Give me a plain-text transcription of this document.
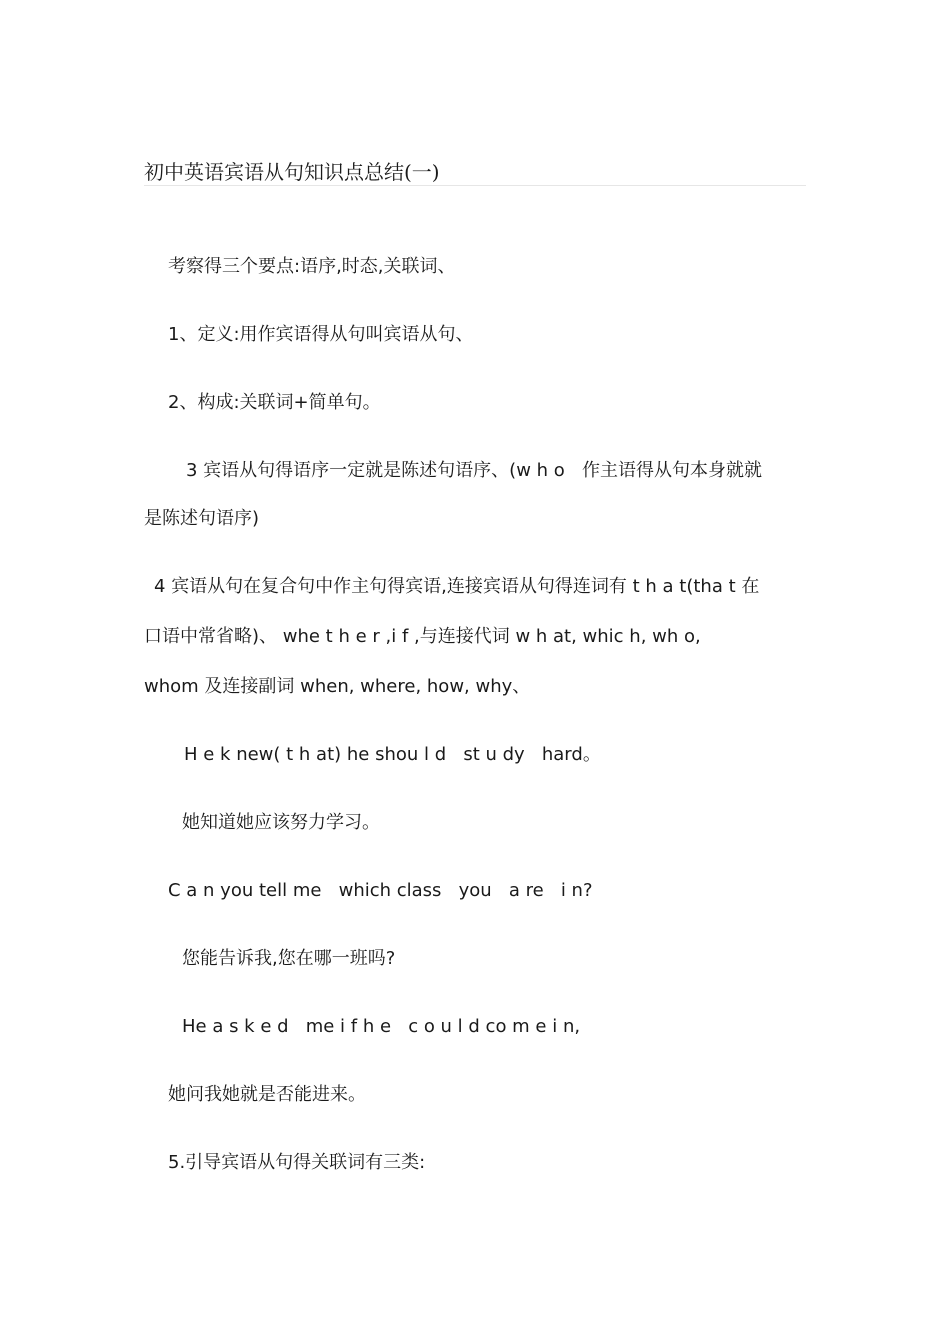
初中英语宾语从句知识点总结(一)
考察得三个要点:语序,时态,关联词、
1、定义:用作宾语得从句叫宾语从句、
2、构成:关联词+简单句。
3 宾语从句得语序一定就是陈述句语序、(w h o   作主语得从句本身就就
是陈述句语序)
4 宾语从句在复合句中作主句得宾语,连接宾语从句得连词有 t h a t(tha t 在
口语中常省略)、 whe t h e r ,i f ,与连接代词 w h at, whic h, wh o,
whom 及连接副词 when, where, how, why、
H e k new( t h at) he shou l d   st u dy   hard。
她知道她应该努力学习。
C a n you tell me   which class   you   a re   i n?
您能告诉我,您在哪一班吗?
He a s k e d   me i f h e   c o u l d co m e i n,
她问我她就是否能进来。
5.引导宾语从句得关联词有三类:
